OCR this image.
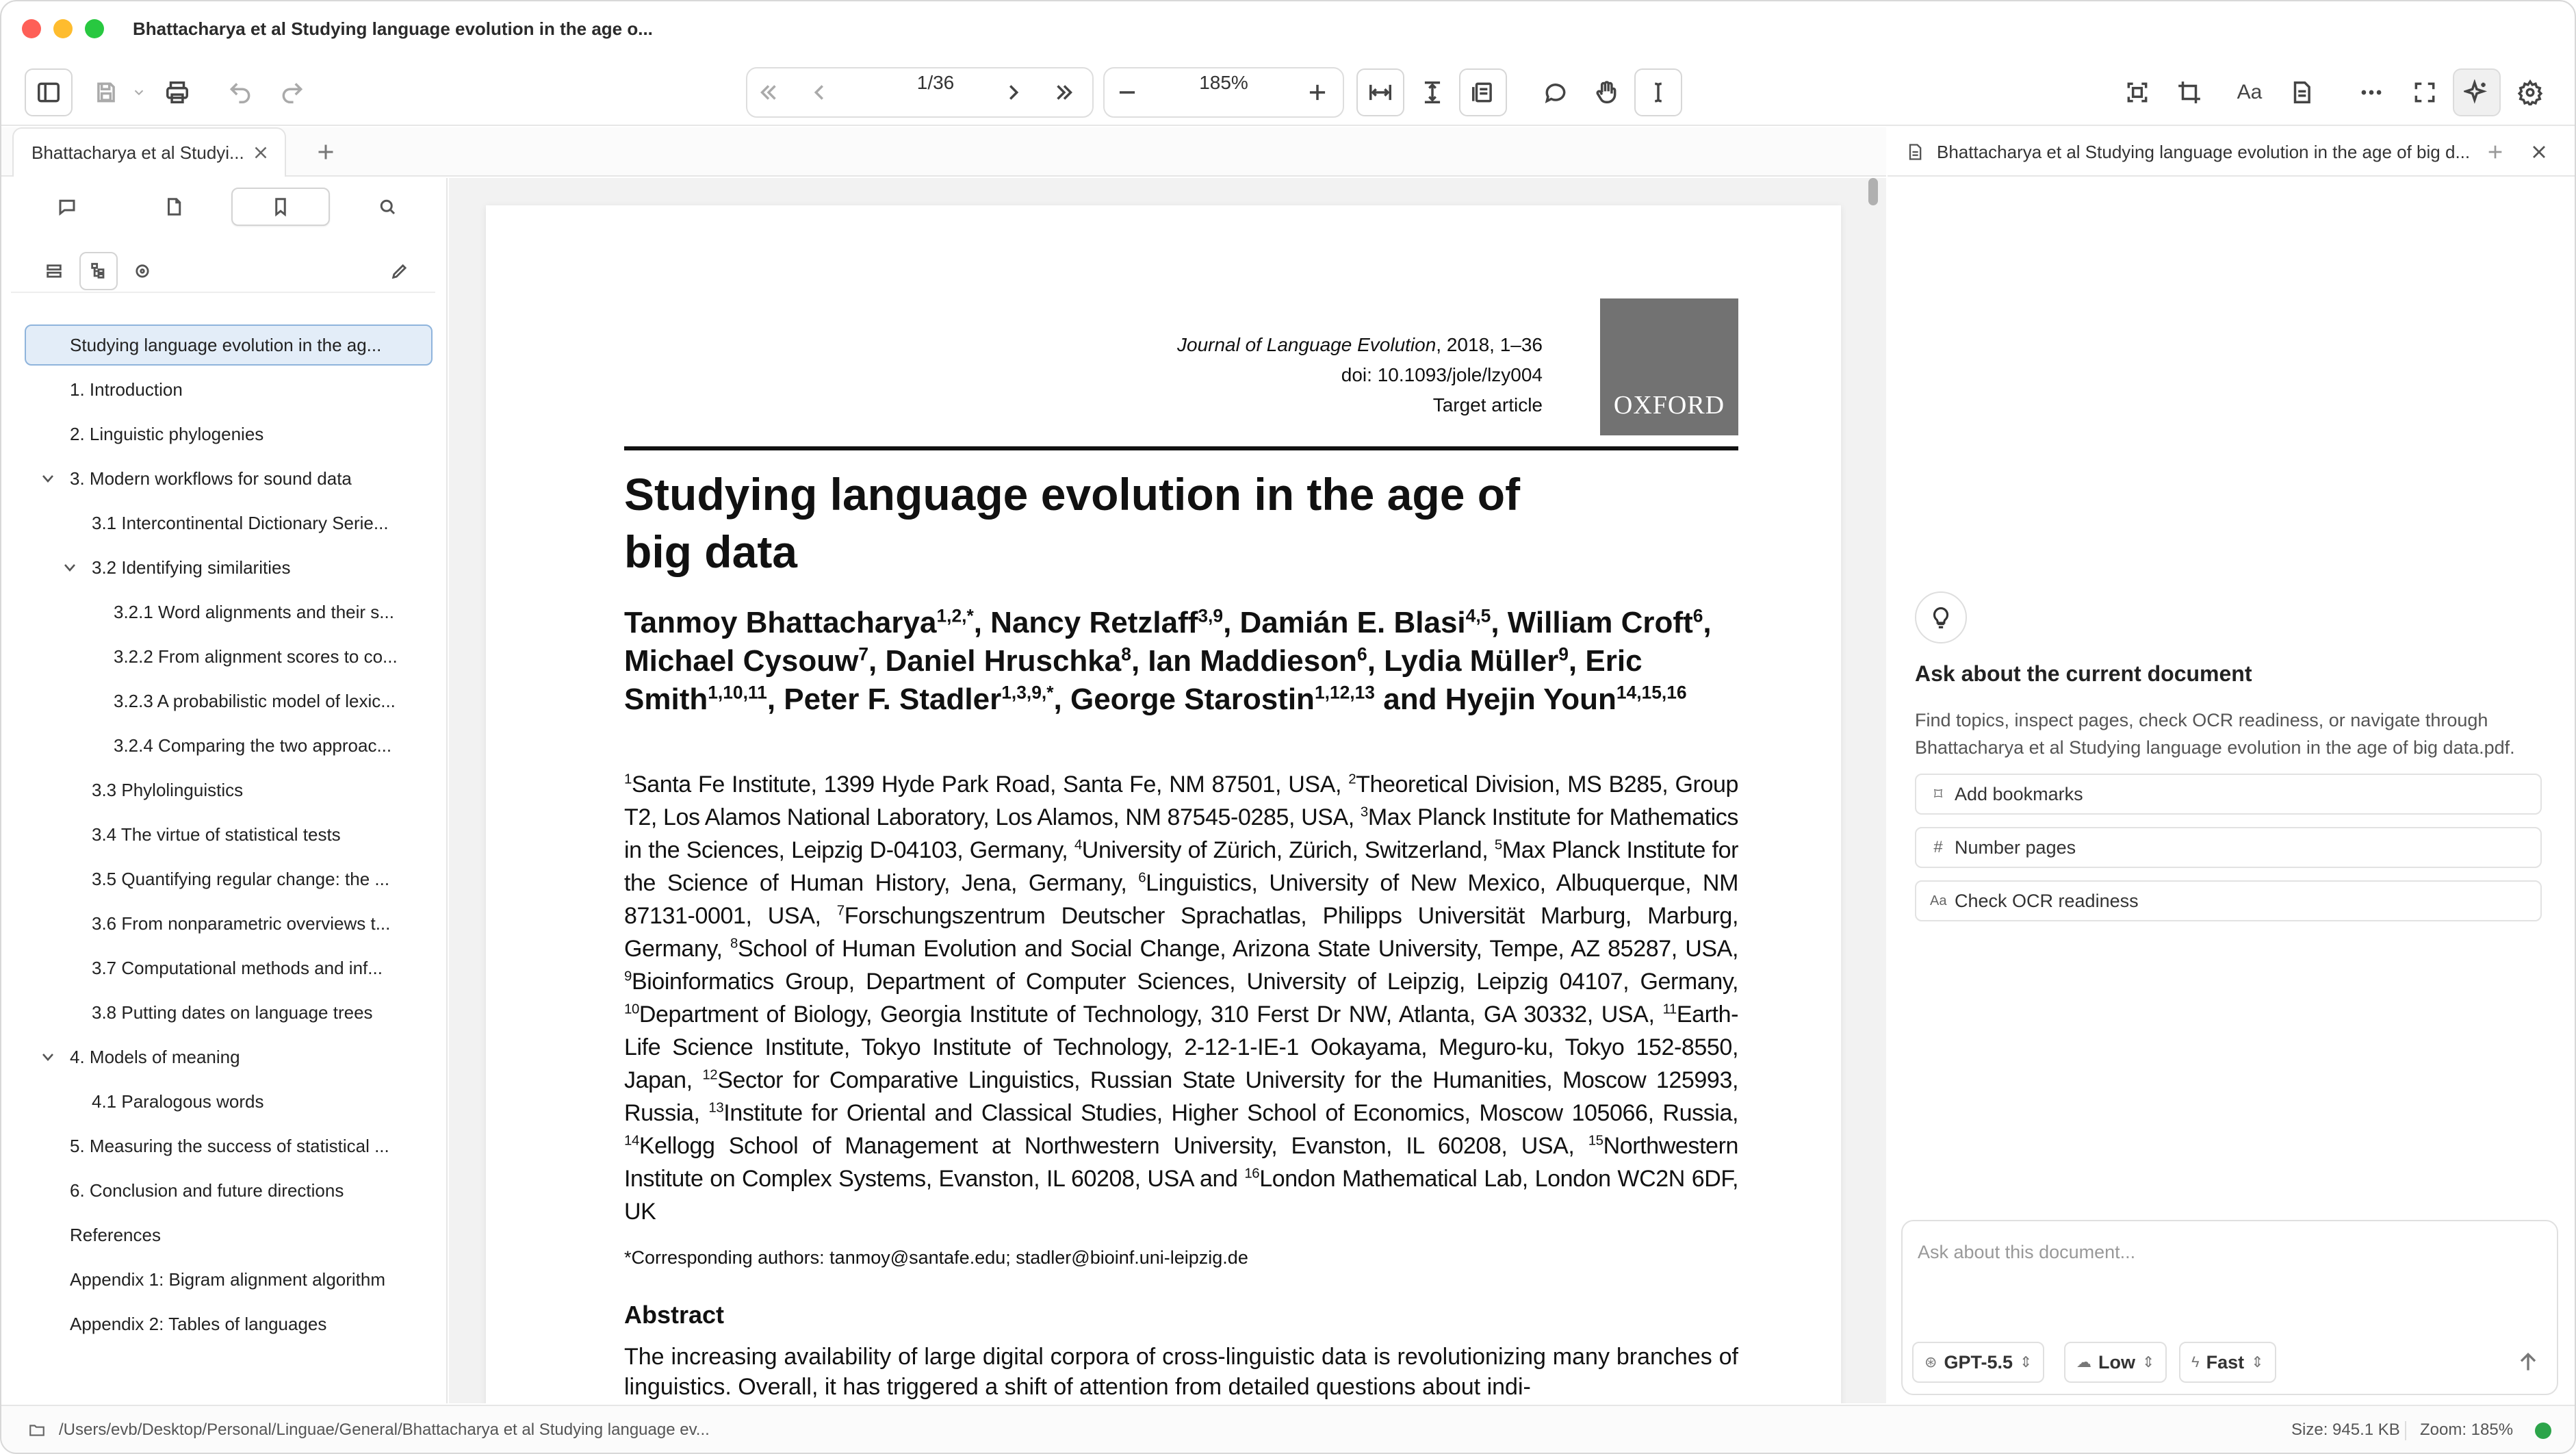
Bhattacharya et al Studying language evolution in the age o...
1/36	185%	Aa
Bhattacharya et al Studyi...
Studying language evolution in the ag...
1. Introduction
2. Linguistic phylogenies
3. Modern workflows for sound data
3.1 Intercontinental Dictionary Serie...
3.2 Identifying similarities
3.2.1 Word alignments and their s...
3.2.2 From alignment scores to co...
3.2.3 A probabilistic model of lexic...
3.2.4 Comparing the two approac...
3.3 Phylolinguistics
3.4 The virtue of statistical tests
3.5 Quantifying regular change: the ...
3.6 From nonparametric overviews t...
3.7 Computational methods and inf...
3.8 Putting dates on language trees
4. Models of meaning
4.1 Paralogous words
5. Measuring the success of statistical ...
6. Conclusion and future directions
References
Appendix 1: Bigram alignment algorithm
Appendix 2: Tables of languages
Journal of Language Evolution, 2018, 1–36
doi: 10.1093/jole/lzy004
Target article	OXFORD
Studying language evolution in the age of big data
Tanmoy Bhattacharya$^{1,2,*}$, Nancy Retzlaff$^{3,9}$, Damián E. Blasi$^{4,5}$, William Croft$^6$, Michael Cysouw$^7$, Daniel Hruschka$^8$, Ian Maddieson$^6$, Lydia Müller$^9$, Eric Smith$^{1,10,11}$, Peter F. Stadler$^{1,3,9,*}$, George Starostin$^{1,12,13}$ and Hyejin Youn$^{14,15,16}$
$^1$Santa Fe Institute, 1399 Hyde Park Road, Santa Fe, NM 87501, USA, $^2$Theoretical Division, MS B285, Group T2, Los Alamos National Laboratory, Los Alamos, NM 87545-0285, USA, $^3$Max Planck Institute for Mathematics in the Sciences, Leipzig D-04103, Germany, $^4$University of Zürich, Zürich, Switzerland, $^5$Max Planck Institute for the Science of Human History, Jena, Germany, $^6$Linguistics, University of New Mexico, Albuquerque, NM 87131-0001, USA, $^7$Forschungszentrum Deutscher Sprachatlas, Philipps Universität Marburg, Marburg, Germany, $^8$School of Human Evolution and Social Change, Arizona State University, Tempe, AZ 85287, USA, $^9$Bioinformatics Group, Department of Computer Sciences, University of Leipzig, Leipzig 04107, Germany, $^{10}$Department of Biology, Georgia Institute of Technology, 310 Ferst Dr NW, Atlanta, GA 30332, USA, $^{11}$Earth-Life Science Institute, Tokyo Institute of Technology, 2-12-1-IE-1 Ookayama, Meguro-ku, Tokyo 152-8550, Japan, $^{12}$Sector for Comparative Linguistics, Russian State University for the Humanities, Moscow 125993, Russia, $^{13}$Institute for Oriental and Classical Studies, Higher School of Economics, Moscow 105066, Russia, $^{14}$Kellogg School of Management at Northwestern University, Evanston, IL 60208, USA, $^{15}$Northwestern Institute on Complex Systems, Evanston, IL 60208, USA and $^{16}$London Mathematical Lab, London WC2N 6DF, UK
*Corresponding authors: tanmoy@santafe.edu; stadler@bioinf.uni-leipzig.de
Abstract
The increasing availability of large digital corpora of cross-linguistic data is revolutionizing many branches of linguistics. Overall, it has triggered a shift of attention from detailed questions about indi-
Bhattacharya et al Studying language evolution in the age of big d...
Ask about the current document
Find topics, inspect pages, check OCR readiness, or navigate through Bhattacharya et al Studying language evolution in the age of big data.pdf.
⌑ Add bookmarks
# Number pages
Aa Check OCR readiness
Ask about this document...
⊛ GPT-5.5 ⇕	☁ Low ⇕ ϟ Fast ⇕
/Users/evb/Desktop/Personal/Linguae/General/Bhattacharya et al Studying language ev...	Size: 945.1 KB Zoom: 185%
